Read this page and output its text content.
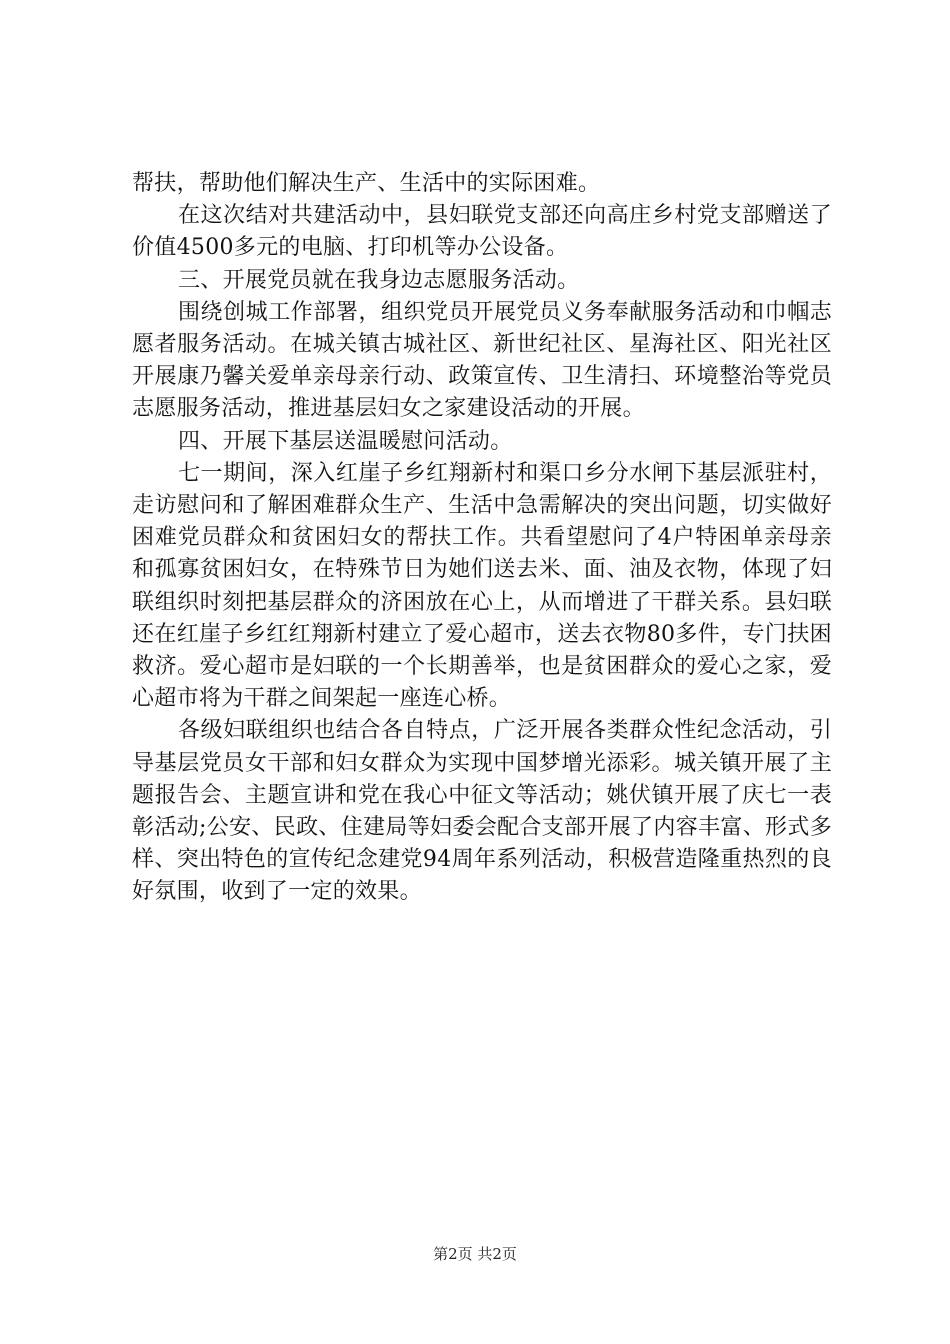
帮扶，帮助他们解决生产、生活中的实际困难。

在这次结对共建活动中，县妇联党支部还向高庄乡村党支部赠送了价值4500多元的电脑、打印机等办公设备。

三、开展党员就在我身边志愿服务活动。

围绕创城工作部署，组织党员开展党员义务奉献服务活动和巾帼志愿者服务活动。在城关镇古城社区、新世纪社区、星海社区、阳光社区开展康乃馨关爱单亲母亲行动、政策宣传、卫生清扫、环境整治等党员志愿服务活动，推进基层妇女之家建设活动的开展。

四、开展下基层送温暖慰问活动。

七一期间，深入红崖子乡红翔新村和渠口乡分水闸下基层派驻村，走访慰问和了解困难群众生产、生活中急需解决的突出问题，切实做好困难党员群众和贫困妇女的帮扶工作。共看望慰问了4户特困单亲母亲和孤寡贫困妇女，在特殊节日为她们送去米、面、油及衣物，体现了妇联组织时刻把基层群众的济困放在心上，从而增进了干群关系。县妇联还在红崖子乡红红翔新村建立了爱心超市，送去衣物80多件，专门扶困救济。爱心超市是妇联的一个长期善举，也是贫困群众的爱心之家，爱心超市将为干群之间架起一座连心桥。

各级妇联组织也结合各自特点，广泛开展各类群众性纪念活动，引导基层党员女干部和妇女群众为实现中国梦增光添彩。城关镇开展了主题报告会、主题宣讲和党在我心中征文等活动；姚伏镇开展了庆七一表彰活动;公安、民政、住建局等妇委会配合支部开展了内容丰富、形式多样、突出特色的宣传纪念建党94周年系列活动，积极营造隆重热烈的良好氛围，收到了一定的效果。

第2页 共2页
